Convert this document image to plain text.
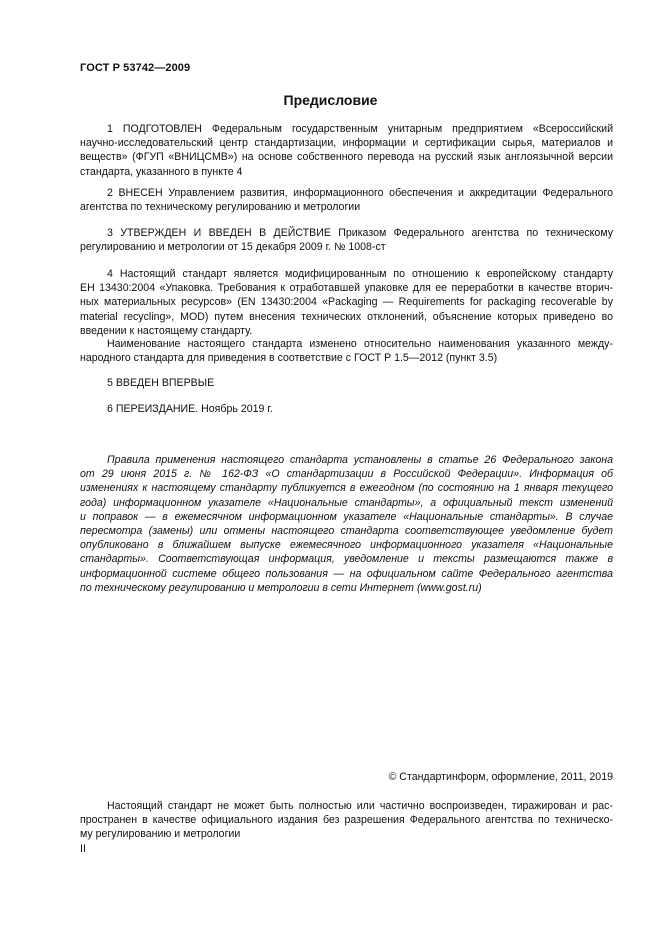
ГОСТ Р 53742—2009
Предисловие
1 ПОДГОТОВЛЕН Федеральным государственным унитарным предприятием «Всероссийский
научно-исследовательский центр стандартизации, информации и сертификации сырья, материалов и
веществ» (ФГУП «ВНИЦСМВ») на основе собственного перевода на русский язык англоязычной версии
стандарта, указанного в пункте 4
2 ВНЕСЕН Управлением развития, информационного обеспечения и аккредитации Федерального
агентства по техническому регулированию и метрологии
3 УТВЕРЖДЕН И ВВЕДЕН В ДЕЙСТВИЕ Приказом Федерального агентства по техническому
регулированию и метрологии от 15 декабря 2009 г. № 1008-ст
4 Настоящий стандарт является модифицированным по отношению к европейскому стандарту
ЕН 13430:2004 «Упаковка. Требования к отработавшей упаковке для ее переработки в качестве вторич-
ных материальных ресурсов» (EN 13430:2004 «Packaging — Requirements for packaging recoverable by
material recycling», MOD) путем внесения технических отклонений, объяснение которых приведено во
введении к настоящему стандарту.
Наименование настоящего стандарта изменено относительно наименования указанного между-
народного стандарта для приведения в соответствие с ГОСТ Р 1.5—2012 (пункт 3.5)
5 ВВЕДЕН ВПЕРВЫЕ
6 ПЕРЕИЗДАНИЕ. Ноябрь 2019 г.
Правила применения настоящего стандарта установлены в статье 26 Федерального закона
от 29 июня 2015 г. № 162-ФЗ «О стандартизации в Российской Федерации». Информация об
изменениях к настоящему стандарту публикуется в ежегодном (по состоянию на 1 января текущего
года) информационном указателе «Национальные стандарты», а официальный текст изменений
и поправок — в ежемесячном информационном указателе «Национальные стандарты». В случае
пересмотра (замены) или отмены настоящего стандарта соответствующее уведомление будет
опубликовано в ближайшем выпуске ежемесячного информационного указателя «Национальные
стандарты». Соответствующая информация, уведомление и тексты размещаются также в
информационной системе общего пользования — на официальном сайте Федерального агентства
по техническому регулированию и метрологии в сети Интернет (www.gost.ru)
© Стандартинформ, оформление, 2011, 2019
Настоящий стандарт не может быть полностью или частично воспроизведен, тиражирован и рас-
пространен в качестве официального издания без разрешения Федерального агентства по техническо-
му регулированию и метрологии
II
